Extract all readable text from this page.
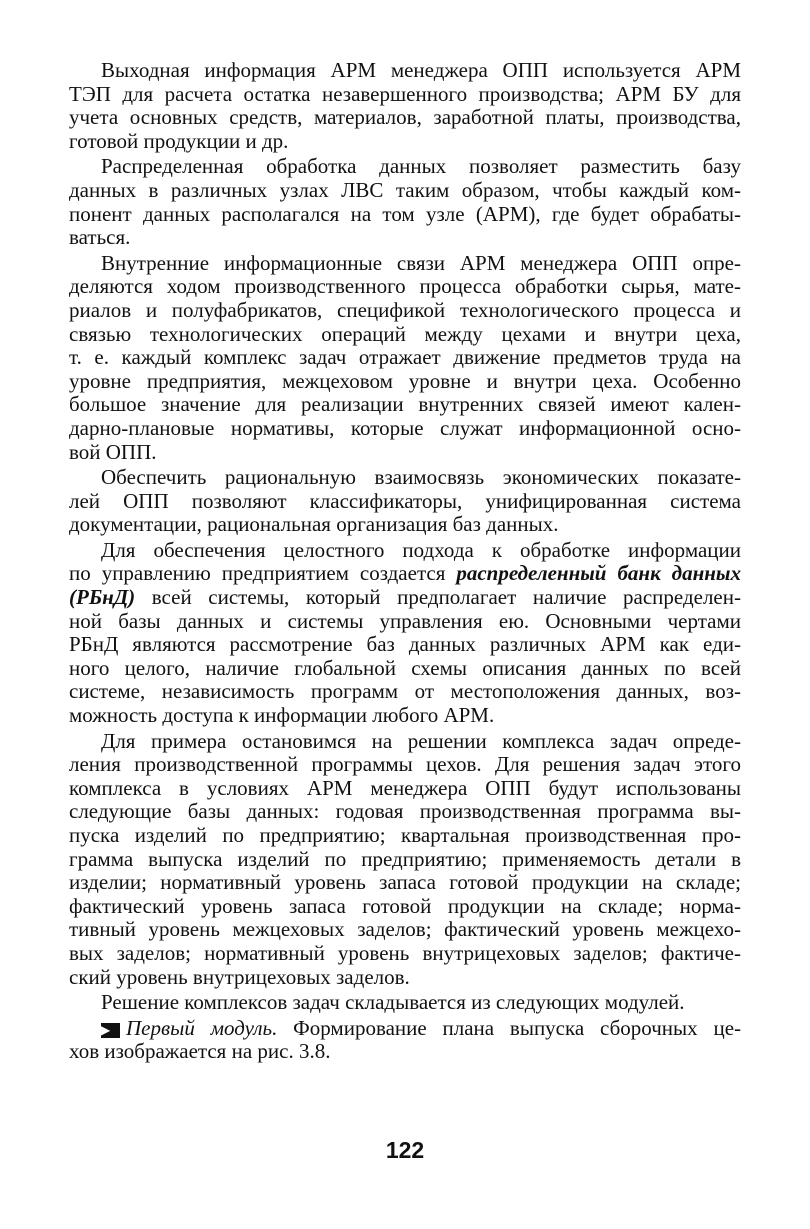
Выходная информация АРМ менеджера ОПП используется АРМ
ТЭП для расчета остатка незавершенного производства; АРМ БУ для
учета основных средств, материалов, заработной платы, производства,
готовой продукции и др.
Распределенная обработка данных позволяет разместить базу
данных в различных узлах ЛВС таким образом, чтобы каждый ком-
понент данных располагался на том узле (АРМ), где будет обрабаты-
ваться.
Внутренние информационные связи АРМ менеджера ОПП опре-
деляются ходом производственного процесса обработки сырья, мате-
риалов и полуфабрикатов, спецификой технологического процесса и
связью технологических операций между цехами и внутри цеха,
т. е. каждый комплекс задач отражает движение предметов труда на
уровне предприятия, межцеховом уровне и внутри цеха. Особенно
большое значение для реализации внутренних связей имеют кален-
дарно-плановые нормативы, которые служат информационной осно-
вой ОПП.
Обеспечить рациональную взаимосвязь экономических показате-
лей ОПП позволяют классификаторы, унифицированная система
документации, рациональная организация баз данных.
Для обеспечения целостного подхода к обработке информации
по управлению предприятием создается распределенный банк данных
(РБнД) всей системы, который предполагает наличие распределен-
ной базы данных и системы управления ею. Основными чертами
РБнД являются рассмотрение баз данных различных АРМ как еди-
ного целого, наличие глобальной схемы описания данных по всей
системе, независимость программ от местоположения данных, воз-
можность доступа к информации любого АРМ.
Для примера остановимся на решении комплекса задач опреде-
ления производственной программы цехов. Для решения задач этого
комплекса в условиях АРМ менеджера ОПП будут использованы
следующие базы данных: годовая производственная программа вы-
пуска изделий по предприятию; квартальная производственная про-
грамма выпуска изделий по предприятию; применяемость детали в
изделии; нормативный уровень запаса готовой продукции на складе;
фактический уровень запаса готовой продукции на складе; норма-
тивный уровень межцеховых заделов; фактический уровень межцехо-
вых заделов; нормативный уровень внутрицеховых заделов; фактиче-
ский уровень внутрицеховых заделов.
Решение комплексов задач складывается из следующих модулей.
▶ Первый модуль. Формирование плана выпуска сборочных це-
хов изображается на рис. 3.8.
122
